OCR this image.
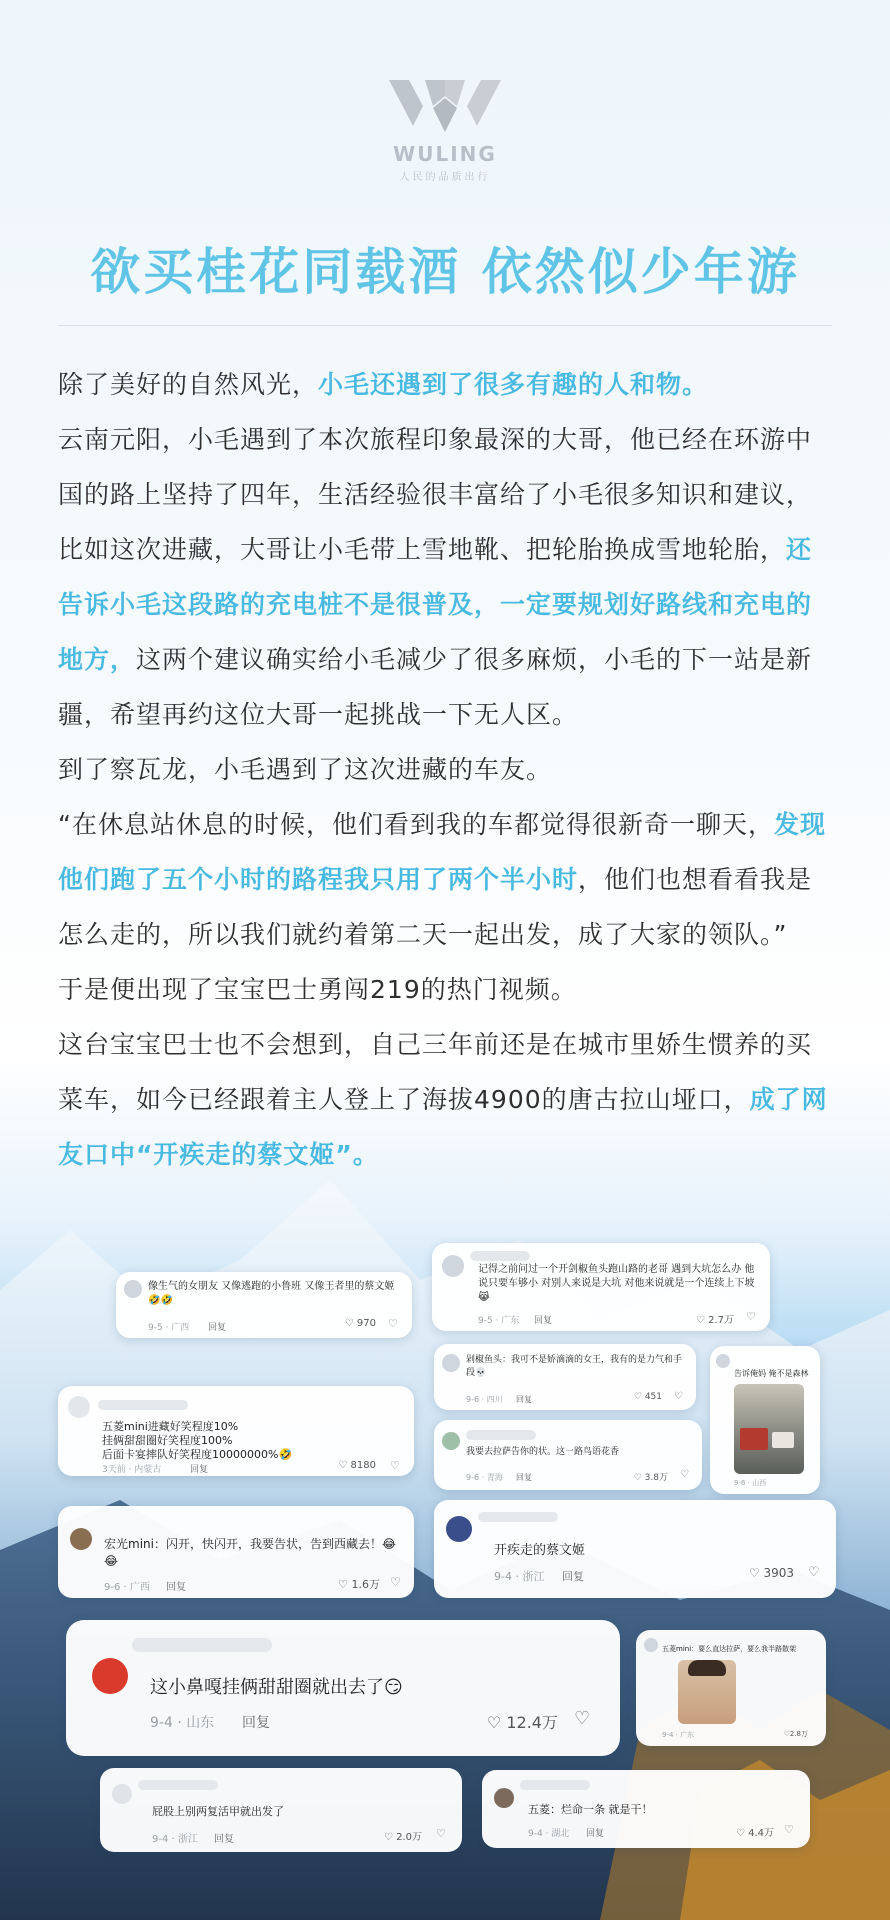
WULING
人民的品质出行
欲买桂花同载酒 依然似少年游

除了美好的自然风光，小毛还遇到了很多有趣的人和物。

云南元阳，小毛遇到了本次旅程印象最深的大哥，他已经在环游中国的路上坚持了四年，生活经验很丰富给了小毛很多知识和建议，比如这次进藏，大哥让小毛带上雪地靴、把轮胎换成雪地轮胎，还告诉小毛这段路的充电桩不是很普及，一定要规划好路线和充电的地方，这两个建议确实给小毛减少了很多麻烦，小毛的下一站是新疆，希望再约这位大哥一起挑战一下无人区。

到了察瓦龙，小毛遇到了这次进藏的车友。

“在休息站休息的时候，他们看到我的车都觉得很新奇一聊天，发现他们跑了五个小时的路程我只用了两个半小时，他们也想看看我是怎么走的，所以我们就约着第二天一起出发，成了大家的领队。”

于是便出现了宝宝巴士勇闯219的热门视频。

这台宝宝巴士也不会想到，自己三年前还是在城市里娇生惯养的买菜车，如今已经跟着主人登上了海拔4900的唐古拉山垭口，成了网友口中“开疾走的蔡文姬”。

像生气的女朋友 又像逃跑的小鲁班 又像王者里的蔡文姬🤣🤣
9-5 · 广西 回复	♡ 970 ♡
记得之前问过一个开剑椒鱼头跑山路的老哥 遇到大坑怎么办 他说只要车够小 对别人来说是大坑 对他来说就是一个连续上下坡😹
9-5 · 广东 回复	♡ 2.7万 ♡
五菱mini进藏好笑程度10%
挂俩甜甜圈好笑程度100%
后面卡宴摔队好笑程度10000000%🤣
3天前 · 内蒙古	回复	♡ 8180 ♡
剁椒鱼头：我可不是娇滴滴的女王，我有的是力气和手段💀
9-6 · 四川 回复	♡ 451 ♡
告诉俺妈 俺不是森林
9-6 · 山西
我要去拉萨告你的状。这一路鸟语花香
9-6 · 青海 回复	♡ 3.8万 ♡
宏光mini：闪开，快闪开，我要告状，告到西藏去！😂😂
9-6 · 广西 回复	♡ 1.6万 ♡
开疾走的蔡文姬
9-4 · 浙江 回复	♡ 3903 ♡
这小鼻嘎挂俩甜甜圈就出去了😏
9-4 · 山东 回复	♡ 12.4万 ♡
五菱mini：要么直达拉萨，要么我半路散架
9-4 · 广东	♡2.8万
屁股上别两复活甲就出发了
9-4 · 浙江 回复	♡ 2.0万 ♡
五菱：烂命一条 就是干！
9-4 · 湖北 回复	♡ 4.4万 ♡
